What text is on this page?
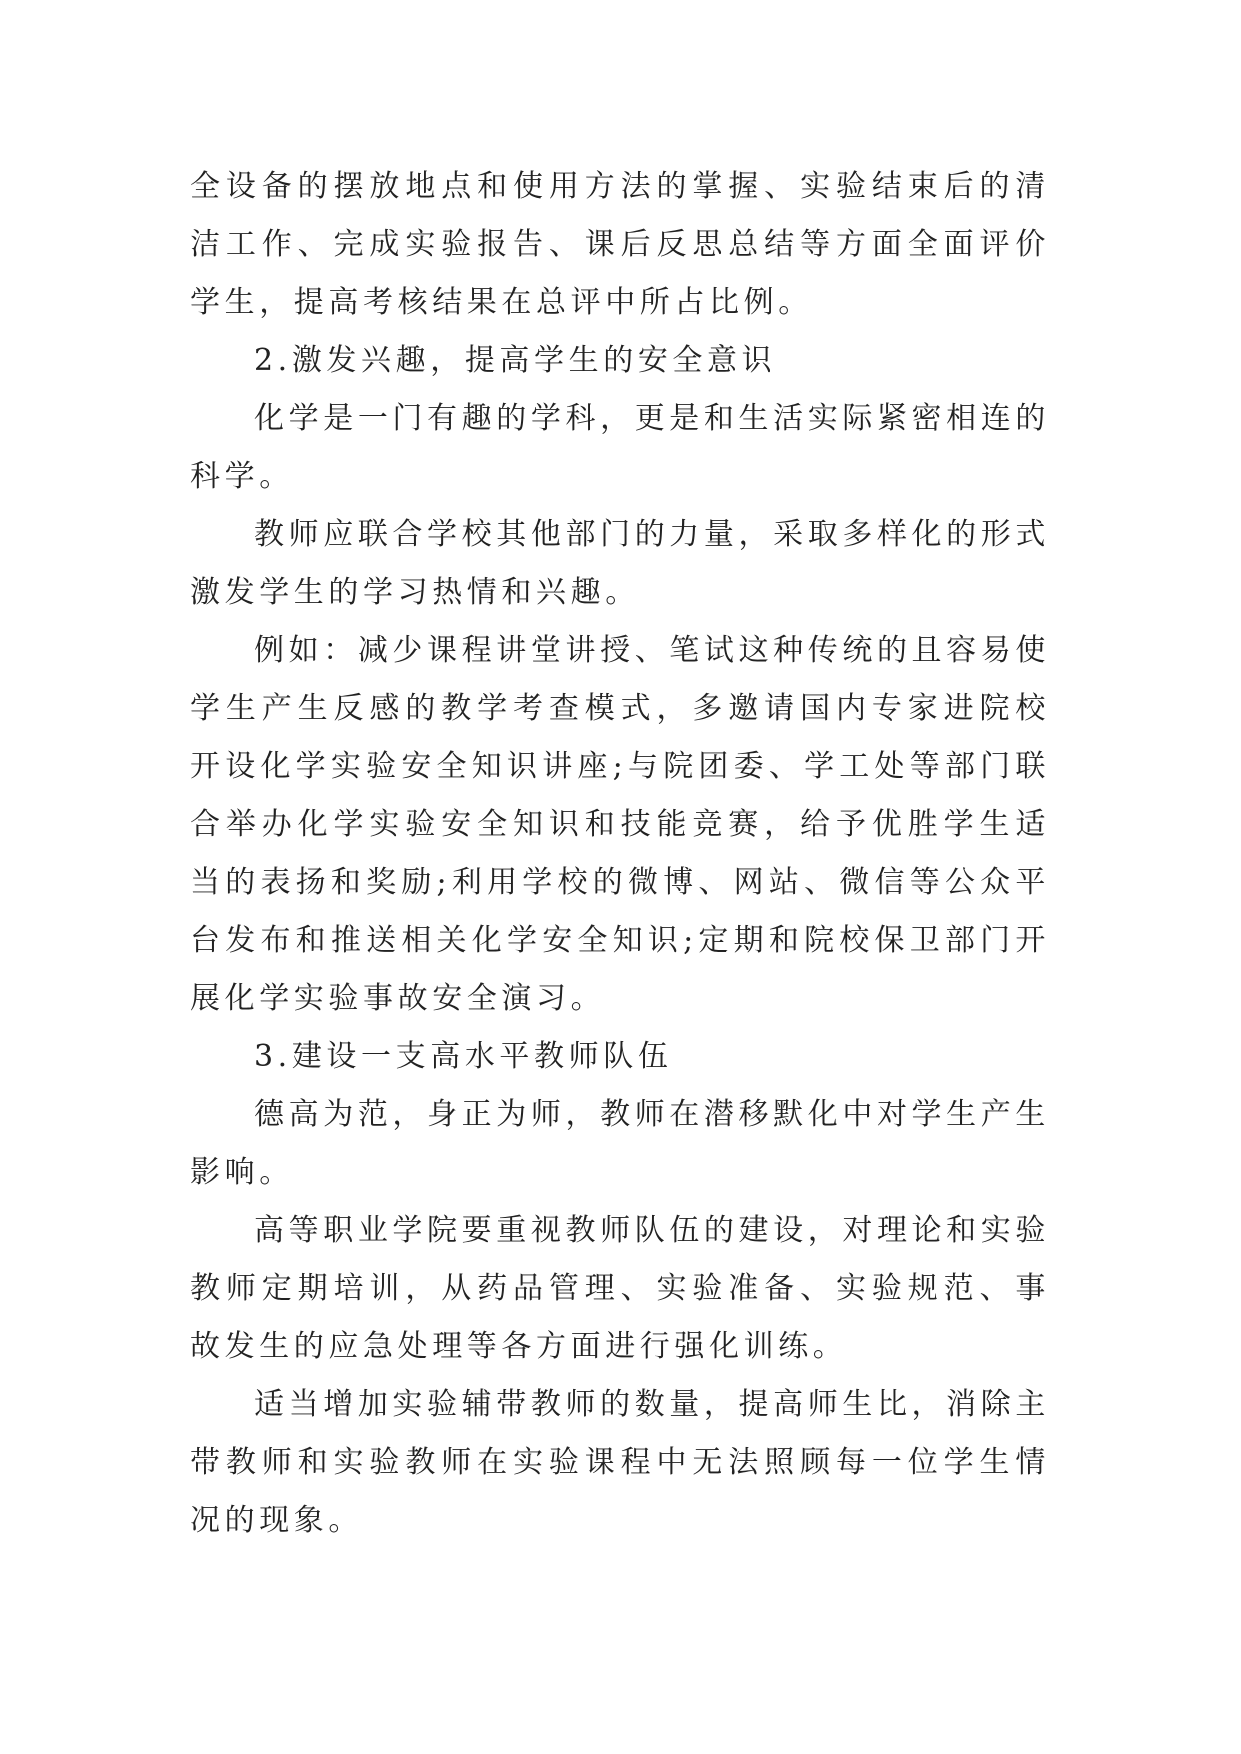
全设备的摆放地点和使用方法的掌握、实验结束后的清洁工作、完成实验报告、课后反思总结等方面全面评价学生，提高考核结果在总评中所占比例。

2.激发兴趣，提高学生的安全意识

化学是一门有趣的学科，更是和生活实际紧密相连的科学。

教师应联合学校其他部门的力量，采取多样化的形式激发学生的学习热情和兴趣。

例如：减少课程讲堂讲授、笔试这种传统的且容易使学生产生反感的教学考查模式，多邀请国内专家进院校开设化学实验安全知识讲座;与院团委、学工处等部门联合举办化学实验安全知识和技能竞赛，给予优胜学生适当的表扬和奖励;利用学校的微博、网站、微信等公众平台发布和推送相关化学安全知识;定期和院校保卫部门开展化学实验事故安全演习。

3.建设一支高水平教师队伍

德高为范，身正为师，教师在潜移默化中对学生产生影响。

高等职业学院要重视教师队伍的建设，对理论和实验教师定期培训，从药品管理、实验准备、实验规范、事故发生的应急处理等各方面进行强化训练。

适当增加实验辅带教师的数量，提高师生比，消除主带教师和实验教师在实验课程中无法照顾每一位学生情况的现象。
